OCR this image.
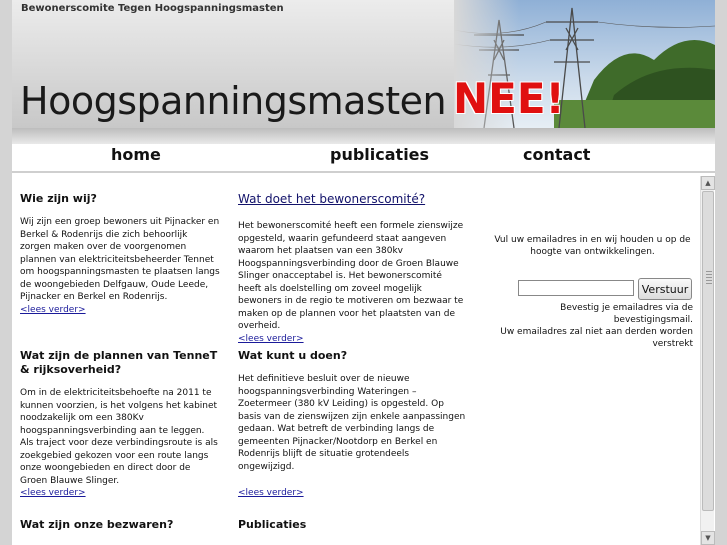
Bewonerscomite Tegen Hoogspanningsmasten
Hoogspanningsmasten NEE!
home	publicaties	contact
Wie zijn wij?

Wij zijn een groep bewoners uit Pijnacker en Berkel & Rodenrijs die zich behoorlijk zorgen maken over de voorgenomen plannen van elektriciteitsbeheerder Tennet om hoogspanningsmasten te plaatsen langs de woongebieden Delfgauw, Oude Leede, Pijnacker en Berkel en Rodenrijs.

<lees verder>
Wat zijn de plannen van TenneT & rijksoverheid?

Om in de elektriciteitsbehoefte na 2011 te kunnen voorzien, is het volgens het kabinet noodzakelijk om een 380Kv hoogspanningsverbinding aan te leggen. Als traject voor deze verbindingsroute is als zoekgebied gekozen voor een route langs onze woongebieden en direct door de Groen Blauwe Slinger.

<lees verder>
Wat zijn onze bezwaren?
Wat doet het bewonerscomité?

Het bewonerscomité heeft een formele zienswijze opgesteld, waarin gefundeerd staat aangeven waarom het plaatsen van een 380kv Hoogspanningsverbinding door de Groen Blauwe Slinger onacceptabel is. Het bewonerscomité heeft als doelstelling om zoveel mogelijk bewoners in de regio te motiveren om bezwaar te maken op de plannen voor het plaatsten van de overheid.

<lees verder>
Wat kunt u doen?

Het definitieve besluit over de nieuwe hoogspanningsverbinding Wateringen – Zoetermeer (380 kV Leiding) is opgesteld. Op basis van de zienswijzen zijn enkele aanpassingen gedaan. Wat betreft de verbinding langs de gemeenten Pijnacker/Nootdorp en Berkel en Rodenrijs blijft de situatie grotendeels ongewijzigd.

<lees verder>
Publicaties
Vul uw emailadres in en wij houden u op de hoogte van ontwikkelingen.
Verstuur
Bevestig je emailadres via de bevestigingsmail.
Uw emailadres zal niet aan derden worden verstrekt
▲
▼
